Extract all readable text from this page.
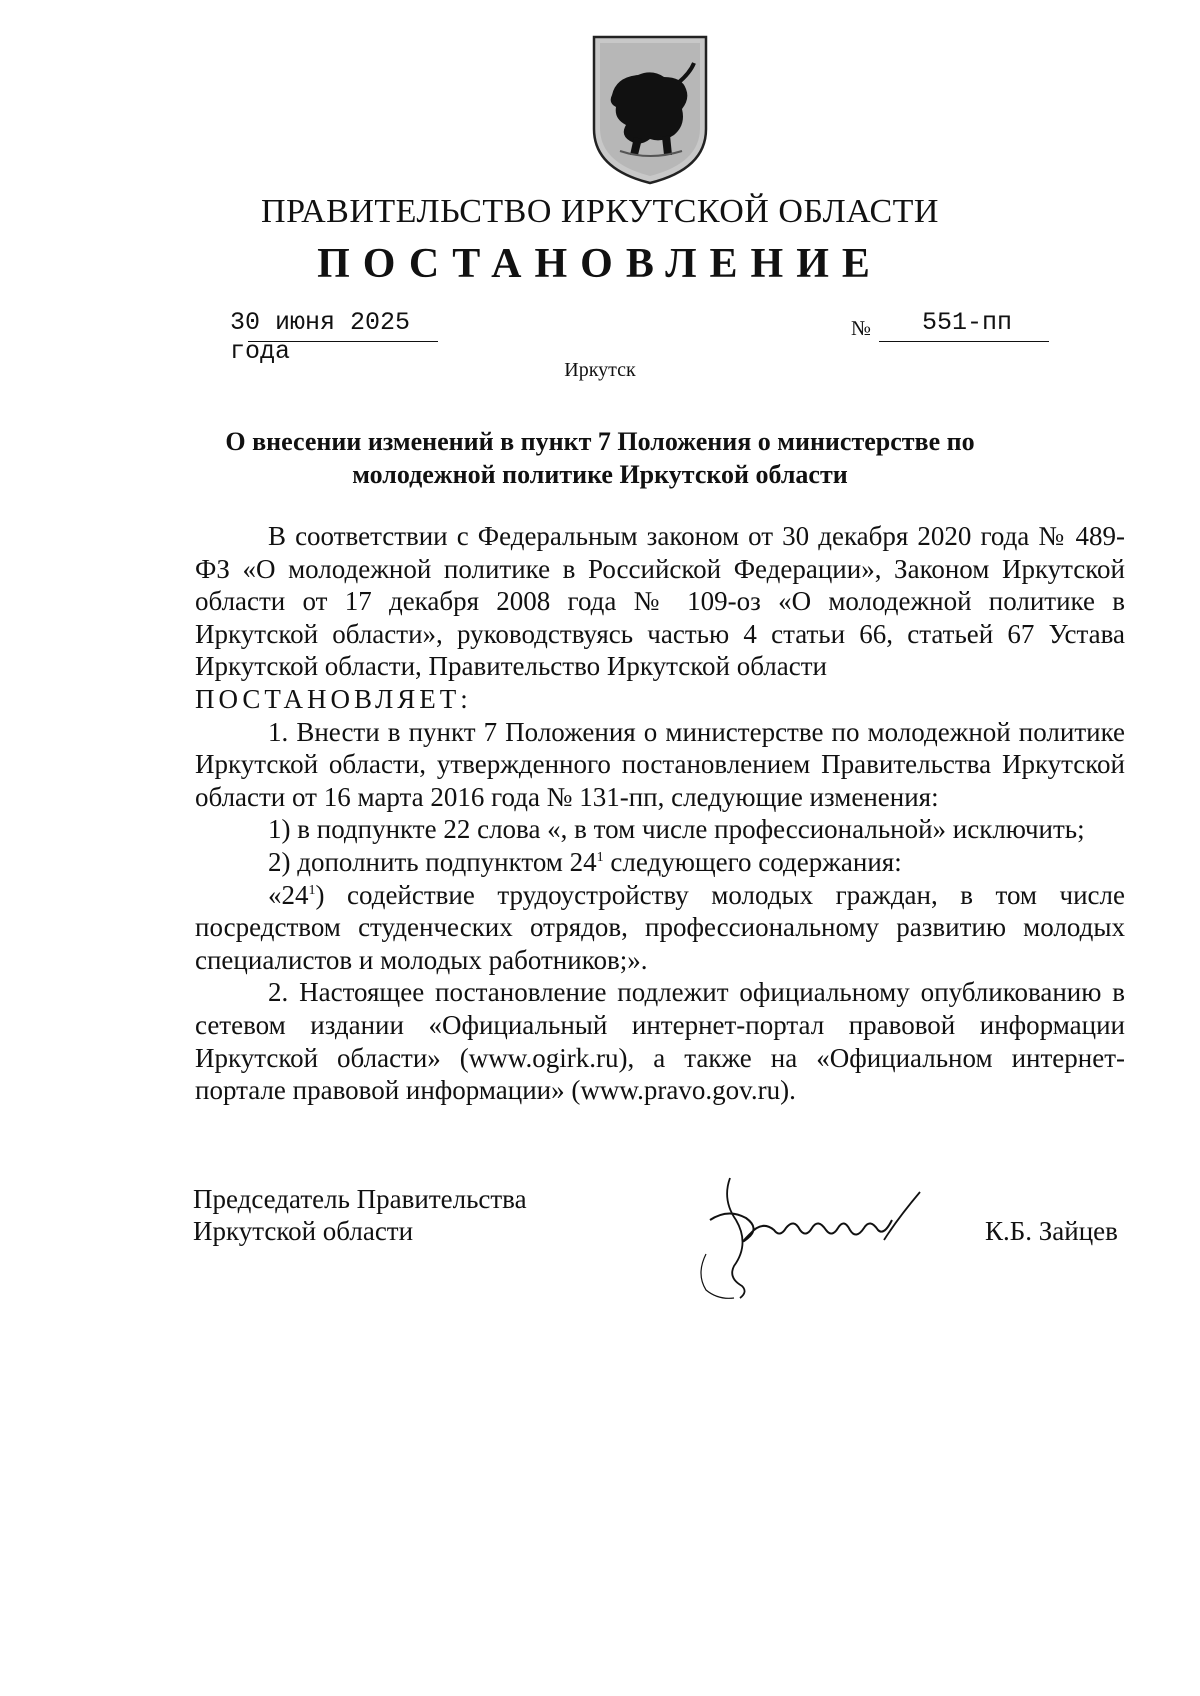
ПРАВИТЕЛЬСТВО ИРКУТСКОЙ ОБЛАСТИ
ПОСТАНОВЛЕНИЕ
30 июня 2025 года
№ 551-пп
Иркутск
О внесении изменений в пункт 7 Положения о министерстве по
молодежной политике Иркутской области

В соответствии с Федеральным законом от 30 декабря 2020 года № 489-ФЗ «О молодежной политике в Российской Федерации», Законом Иркутской области от 17 декабря 2008 года № 109-оз «О молодежной политике в Иркутской области», руководствуясь частью 4 статьи 66, статьей 67 Устава Иркутской области, Правительство Иркутской области

ПОСТАНОВЛЯЕТ:

1. Внести в пункт 7 Положения о министерстве по молодежной политике Иркутской области, утвержденного постановлением Правительства Иркутской области от 16 марта 2016 года № 131-пп, следующие изменения:

1) в подпункте 22 слова «, в том числе профессиональной» исключить;

2) дополнить подпунктом $24^1$ следующего содержания:

«$24^1$) содействие трудоустройству молодых граждан, в том числе посредством студенческих отрядов, профессиональному развитию молодых специалистов и молодых работников;».

2. Настоящее постановление подлежит официальному опубликованию в сетевом издании «Официальный интернет-портал правовой информации Иркутской области» (www.ogirk.ru), а также на «Официальном интернет-портале правовой информации» (www.pravo.gov.ru).

Председатель Правительства
Иркутской области	К.Б. Зайцев
